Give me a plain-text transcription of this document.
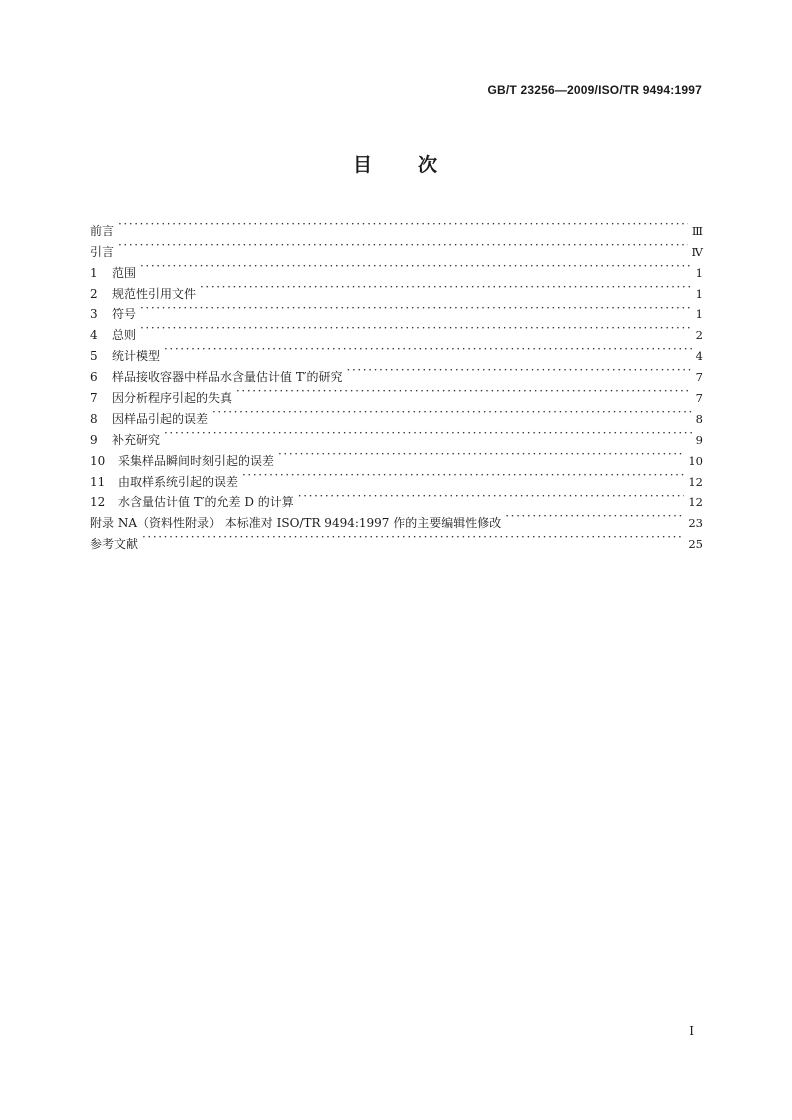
GB/T 23256—2009/ISO/TR 9494:1997
目 次
前言 ·····	Ⅲ
引言 ·····	Ⅳ
1	范围 ·····	1
2	规范性引用文件 ·····	1
3	符号 ·····	1
4	总则 ·····	2
5	统计模型 ·····	4
6	样品接收容器中样品水含量估计值 T′的研究 ·····	7
7	因分析程序引起的失真 ·····	7
8	因样品引起的误差 ·····	8
9	补充研究 ·····	9
10	采集样品瞬间时刻引起的误差 ·····	10
11	由取样系统引起的误差 ·····	12
12	水含量估计值 T′的允差 D 的计算 ·····	12
附录 NA（资料性附录） 本标准对 ISO/TR 9494:1997 作的主要编辑性修改 ·····	23
参考文献 ·····	25
I
